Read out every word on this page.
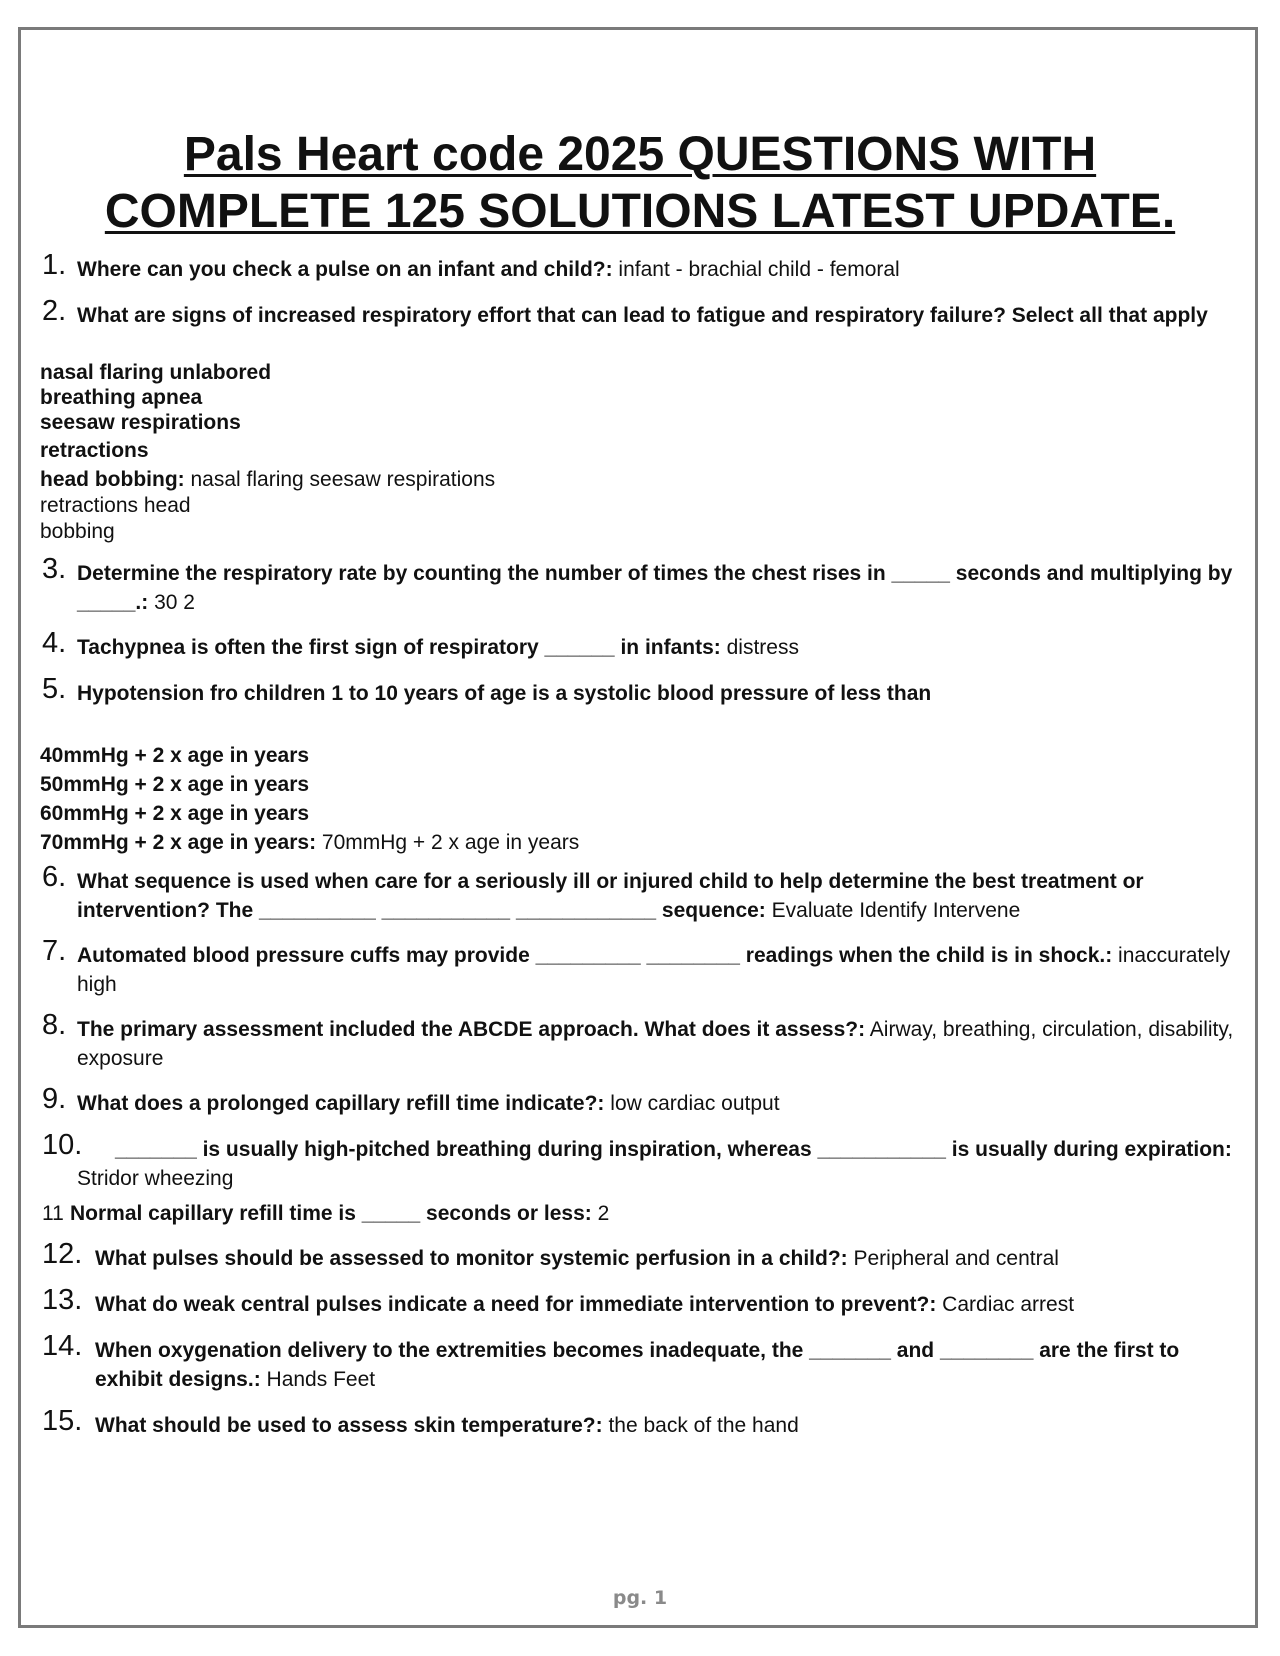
Pals Heart code 2025 QUESTIONS WITH
COMPLETE 125 SOLUTIONS LATEST UPDATE.
1. Where can you check a pulse on an infant and child?: infant - brachial child - femoral
2. What are signs of increased respiratory effort that can lead to fatigue and respiratory failure? Select all that apply
nasal flaring unlabored
breathing apnea
seesaw respirations
retractions
head bobbing: nasal flaring seesaw respirations
retractions head
bobbing
3. Determine the respiratory rate by counting the number of times the chest rises in _____ seconds and multiplying by _____.: 30 2
4. Tachypnea is often the first sign of respiratory ______ in infants: distress
5. Hypotension fro children 1 to 10 years of age is a systolic blood pressure of less than
40mmHg + 2 x age in years
50mmHg + 2 x age in years
60mmHg + 2 x age in years
70mmHg + 2 x age in years: 70mmHg + 2 x age in years
6. What sequence is used when care for a seriously ill or injured child to help determine the best treatment or intervention? The __________ ___________ ____________ sequence: Evaluate Identify Intervene
7. Automated blood pressure cuffs may provide _________ ________ readings when the child is in shock.: inaccurately high
8. The primary assessment included the ABCDE approach. What does it assess?: Airway, breathing, circulation, disability, exposure
9. What does a prolonged capillary refill time indicate?: low cardiac output
10. _______ is usually high-pitched breathing during inspiration, whereas ___________ is usually during expiration: Stridor wheezing
11 Normal capillary refill time is _____ seconds or less: 2
12. What pulses should be assessed to monitor systemic perfusion in a child?: Peripheral and central
13. What do weak central pulses indicate a need for immediate intervention to prevent?: Cardiac arrest
14. When oxygenation delivery to the extremities becomes inadequate, the _______ and ________ are the first to exhibit designs.: Hands Feet
15. What should be used to assess skin temperature?: the back of the hand
pg. 1
